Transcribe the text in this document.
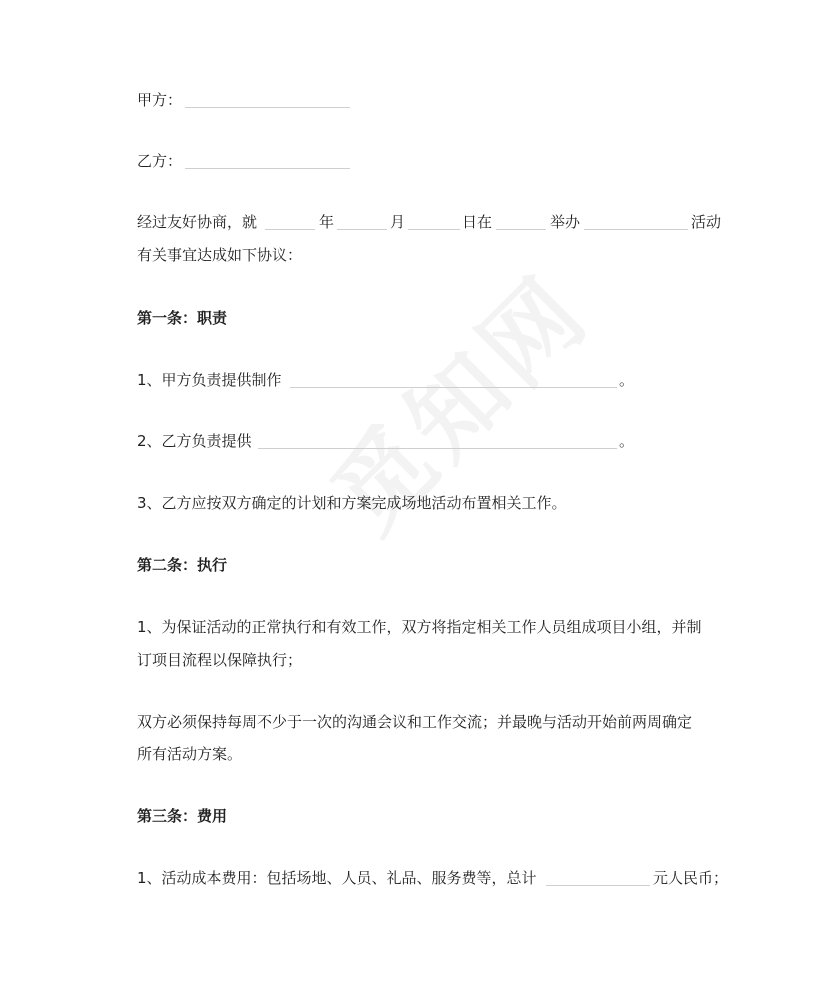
甲方：
乙方：
经过友好协商，就	年	月	日在	举办	活动
有关事宜达成如下协议：
第一条：职责
1、甲方负责提供制作	。
2、乙方负责提供	。
3、乙方应按双方确定的计划和方案完成场地活动布置相关工作。
第二条：执行
1、为保证活动的正常执行和有效工作，双方将指定相关工作人员组成项目小组，并制
订项目流程以保障执行；
双方必须保持每周不少于一次的沟通会议和工作交流；并最晚与活动开始前两周确定
所有活动方案。
第三条：费用
1、活动成本费用：包括场地、人员、礼品、服务费等，总计	元人民币；
